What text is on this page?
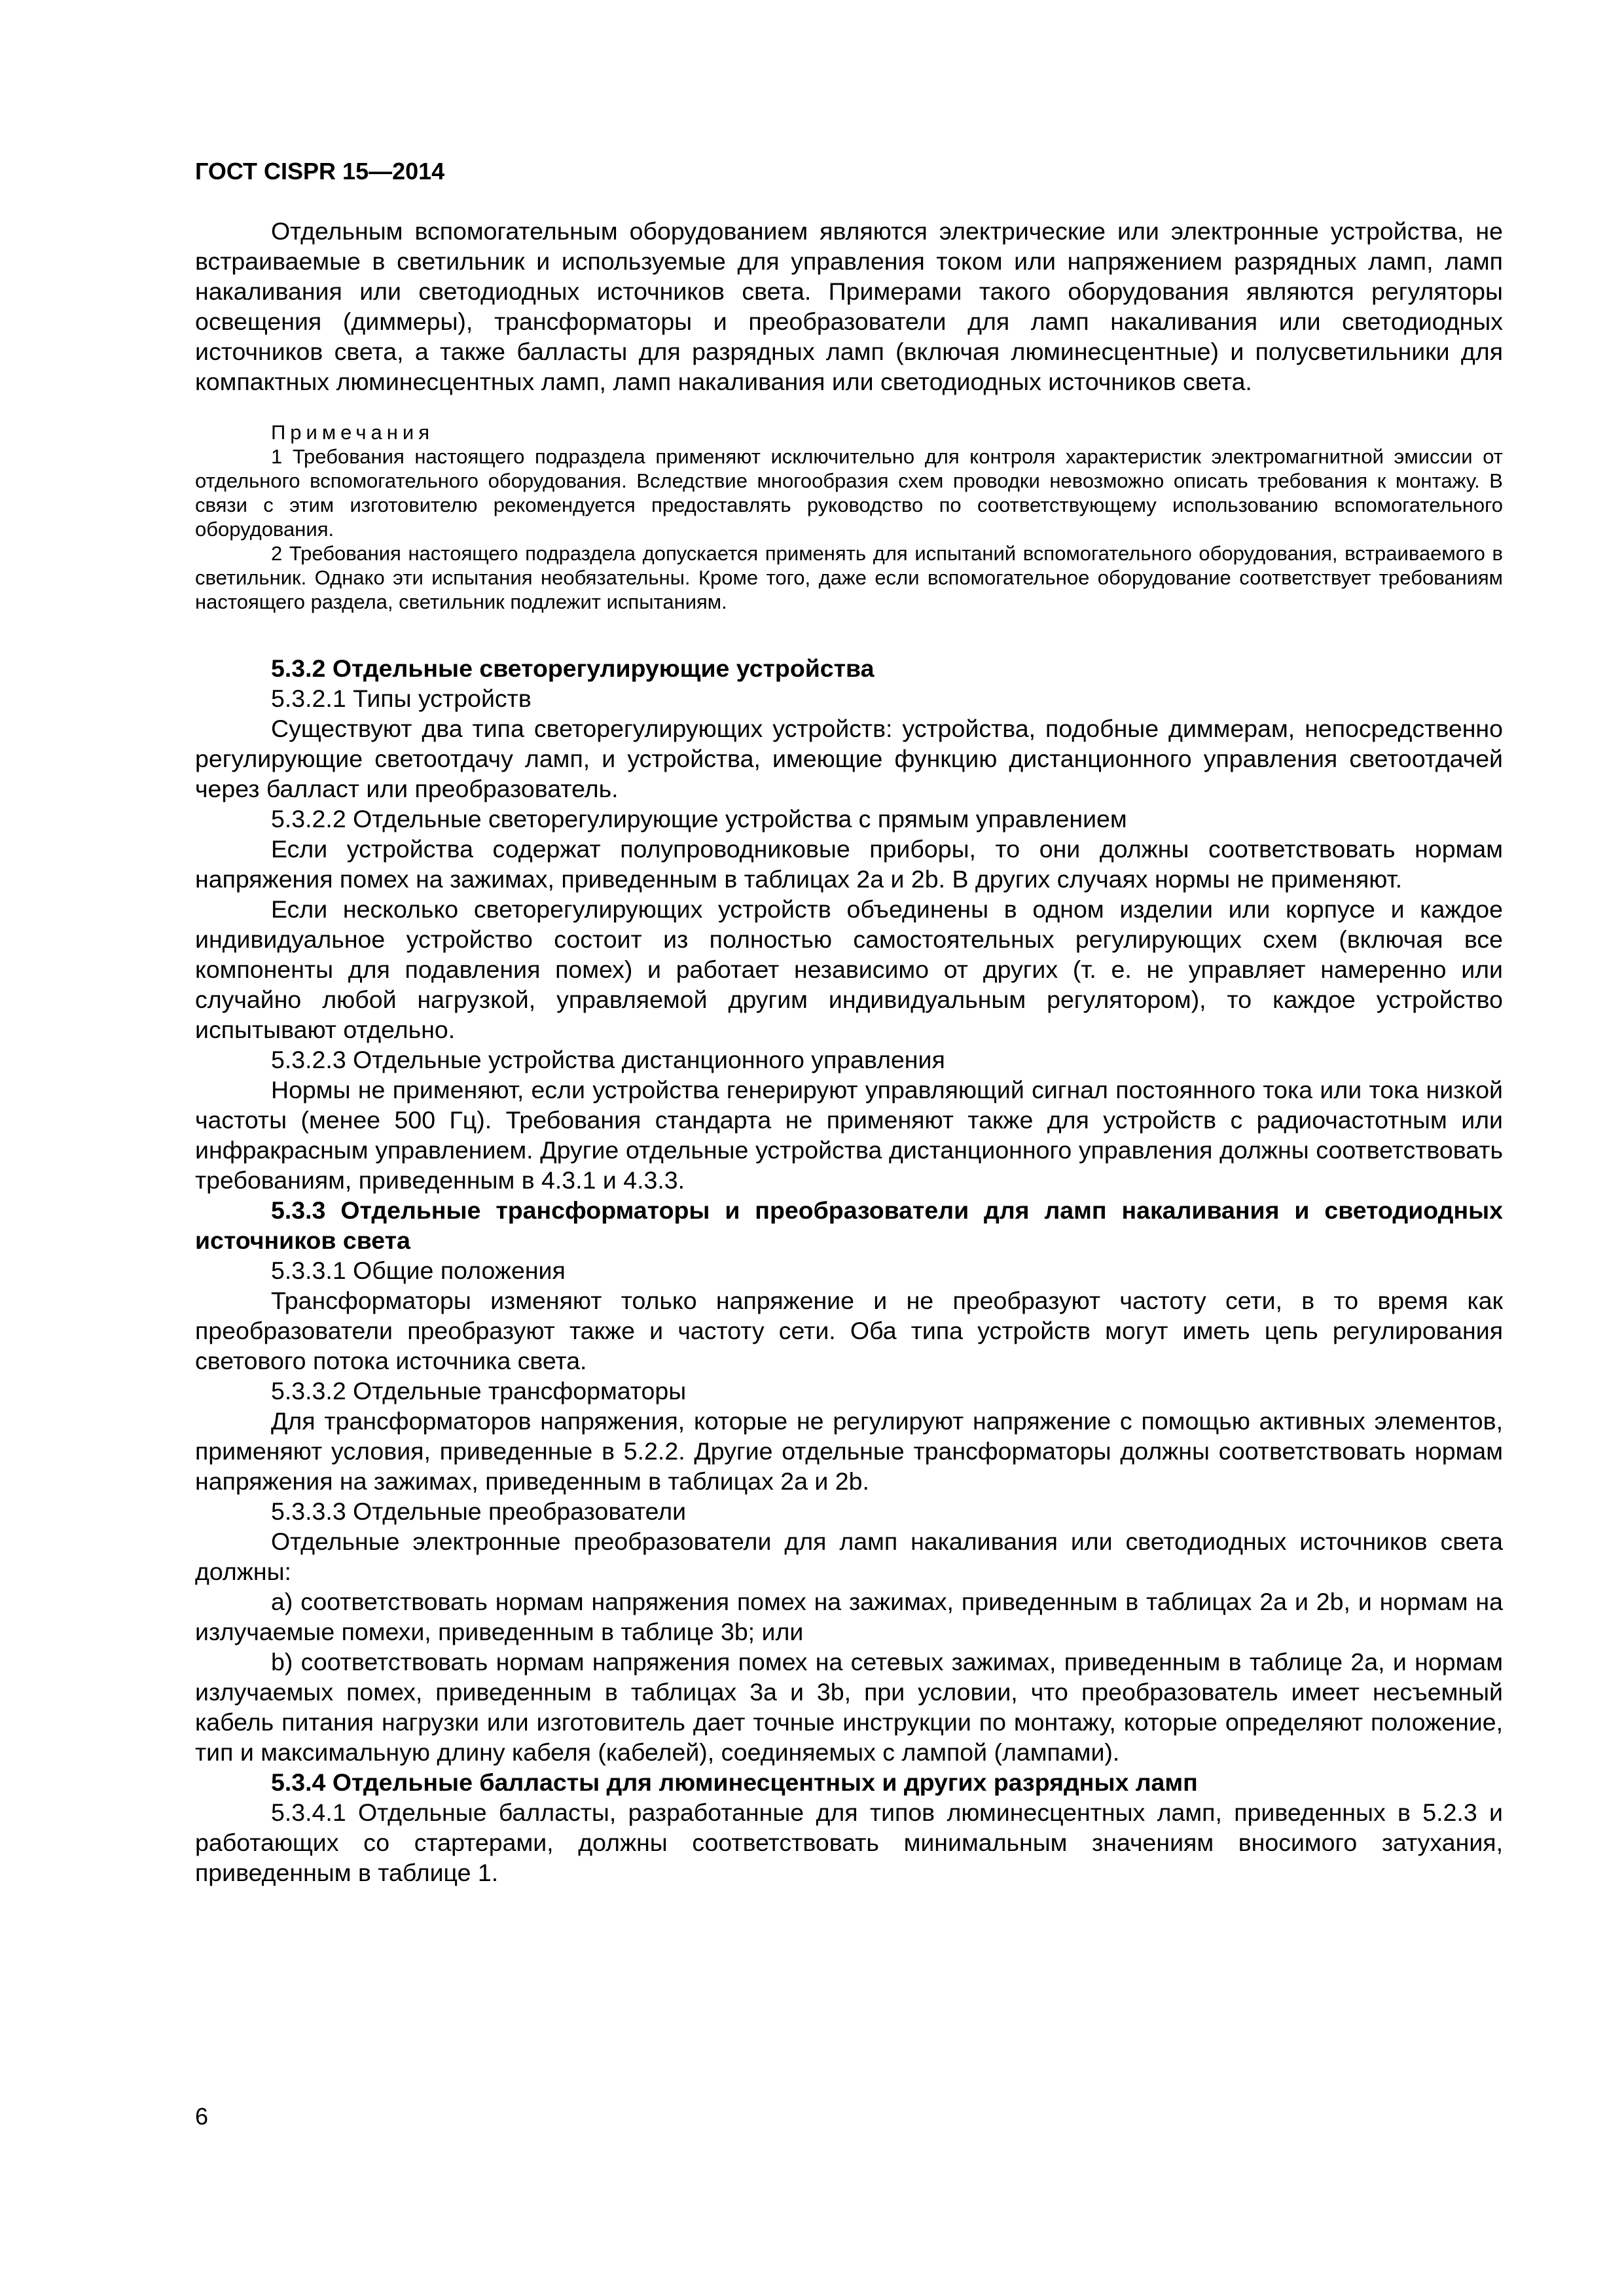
ГОСТ CISPR 15—2014

Отдельным вспомогательным оборудованием являются электрические или электронные устройства, не встраиваемые в светильник и используемые для управления током или напряжением разрядных ламп, ламп накаливания или светодиодных источников света. Примерами такого оборудования являются регуляторы освещения (диммеры), трансформаторы и преобразователи для ламп накаливания или светодиодных источников света, а также балласты для разрядных ламп (включая люминесцентные) и полусветильники для компактных люминесцентных ламп, ламп накаливания или светодиодных источников света.

Примечания

1 Требования настоящего подраздела применяют исключительно для контроля характеристик электромагнитной эмиссии от отдельного вспомогательного оборудования. Вследствие многообразия схем проводки невозможно описать требования к монтажу. В связи с этим изготовителю рекомендуется предоставлять руководство по соответствующему использованию вспомогательного оборудования.

2 Требования настоящего подраздела допускается применять для испытаний вспомогательного оборудования, встраиваемого в светильник. Однако эти испытания необязательны. Кроме того, даже если вспомогательное оборудование соответствует требованиям настоящего раздела, светильник подлежит испытаниям.

5.3.2 Отдельные светорегулирующие устройства

5.3.2.1 Типы устройств

Существуют два типа светорегулирующих устройств: устройства, подобные диммерам, непосредственно регулирующие светоотдачу ламп, и устройства, имеющие функцию дистанционного управления светоотдачей через балласт или преобразователь.

5.3.2.2 Отдельные светорегулирующие устройства с прямым управлением

Если устройства содержат полупроводниковые приборы, то они должны соответствовать нормам напряжения помех на зажимах, приведенным в таблицах 2a и 2b. В других случаях нормы не применяют.

Если несколько светорегулирующих устройств объединены в одном изделии или корпусе и каждое индивидуальное устройство состоит из полностью самостоятельных регулирующих схем (включая все компоненты для подавления помех) и работает независимо от других (т. е. не управляет намеренно или случайно любой нагрузкой, управляемой другим индивидуальным регулятором), то каждое устройство испытывают отдельно.

5.3.2.3 Отдельные устройства дистанционного управления

Нормы не применяют, если устройства генерируют управляющий сигнал постоянного тока или тока низкой частоты (менее 500 Гц). Требования стандарта не применяют также для устройств с радиочастотным или инфракрасным управлением. Другие отдельные устройства дистанционного управления должны соответствовать требованиям, приведенным в 4.3.1 и 4.3.3.

5.3.3 Отдельные трансформаторы и преобразователи для ламп накаливания и светодиодных источников света

5.3.3.1 Общие положения

Трансформаторы изменяют только напряжение и не преобразуют частоту сети, в то время как преобразователи преобразуют также и частоту сети. Оба типа устройств могут иметь цепь регулирования светового потока источника света.

5.3.3.2 Отдельные трансформаторы

Для трансформаторов напряжения, которые не регулируют напряжение с помощью активных элементов, применяют условия, приведенные в 5.2.2. Другие отдельные трансформаторы должны соответствовать нормам напряжения на зажимах, приведенным в таблицах 2a и 2b.

5.3.3.3 Отдельные преобразователи

Отдельные электронные преобразователи для ламп накаливания или светодиодных источников света должны:

a) соответствовать нормам напряжения помех на зажимах, приведенным в таблицах 2a и 2b, и нормам на излучаемые помехи, приведенным в таблице 3b; или

b) соответствовать нормам напряжения помех на сетевых зажимах, приведенным в таблице 2a, и нормам излучаемых помех, приведенным в таблицах 3a и 3b, при условии, что преобразователь имеет несъемный кабель питания нагрузки или изготовитель дает точные инструкции по монтажу, которые определяют положение, тип и максимальную длину кабеля (кабелей), соединяемых с лампой (лампами).

5.3.4 Отдельные балласты для люминесцентных и других разрядных ламп

5.3.4.1 Отдельные балласты, разработанные для типов люминесцентных ламп, приведенных в 5.2.3 и работающих со стартерами, должны соответствовать минимальным значениям вносимого затухания, приведенным в таблице 1.

6
